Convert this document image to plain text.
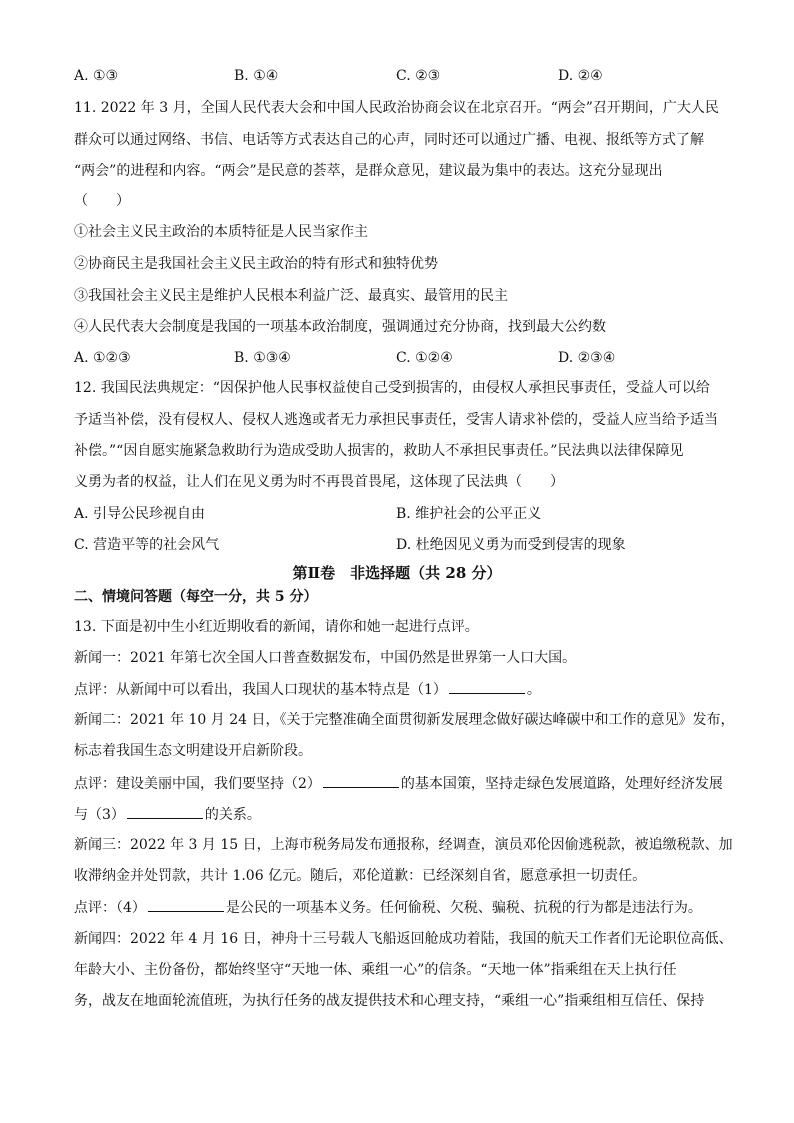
A. ①③	B. ①④	C. ②③	D. ②④
11. 2022 年 3 月，全国人民代表大会和中国人民政治协商会议在北京召开。“两会”召开期间，广大人民
群众可以通过网络、书信、电话等方式表达自己的心声，同时还可以通过广播、电视、报纸等方式了解
“两会”的进程和内容。“两会”是民意的荟萃，是群众意见，建议最为集中的表达。这充分显现出
（　　）
①社会主义民主政治的本质特征是人民当家作主
②协商民主是我国社会主义民主政治的特有形式和独特优势
③我国社会主义民主是维护人民根本利益广泛、最真实、最管用的民主
④人民代表大会制度是我国的一项基本政治制度，强调通过充分协商，找到最大公约数
A. ①②③	B. ①③④	C. ①②④	D. ②③④
12. 我国民法典规定：“因保护他人民事权益使自己受到损害的，由侵权人承担民事责任，受益人可以给
予适当补偿，没有侵权人、侵权人逃逸或者无力承担民事责任，受害人请求补偿的，受益人应当给予适当
补偿。”“因自愿实施紧急救助行为造成受助人损害的，救助人不承担民事责任。”民法典以法律保障见
义勇为者的权益，让人们在见义勇为时不再畏首畏尾，这体现了民法典（　　）
A. 引导公民珍视自由	B. 维护社会的公平正义
C. 营造平等的社会风气	D. 杜绝因见义勇为而受到侵害的现象
第Ⅱ卷　非选择题（共 28 分）
二、情境问答题（每空一分，共 5 分）
13. 下面是初中生小红近期收看的新闻，请你和她一起进行点评。
新闻一：2021 年第七次全国人口普查数据发布，中国仍然是世界第一人口大国。
点评：从新闻中可以看出，我国人口现状的基本特点是（1）	。
新闻二：2021 年 10 月 24 日，《关于完整准确全面贯彻新发展理念做好碳达峰碳中和工作的意见》发布，
标志着我国生态文明建设开启新阶段。
点评：建设美丽中国，我们要坚持（2）	的基本国策，坚持走绿色发展道路，处理好经济发展
与（3）	的关系。
新闻三：2022 年 3 月 15 日，上海市税务局发布通报称，经调查，演员邓伦因偷逃税款，被追缴税款、加
收滞纳金并处罚款，共计 1.06 亿元。随后，邓伦道歉：已经深刻自省，愿意承担一切责任。
点评：（4）	是公民的一项基本义务。任何偷税、欠税、骗税、抗税的行为都是违法行为。
新闻四：2022 年 4 月 16 日，神舟十三号载人飞船返回舱成功着陆，我国的航天工作者们无论职位高低、
年龄大小、主份备份，都始终坚守“天地一体、乘组一心”的信条。“天地一体”指乘组在天上执行任
务，战友在地面轮流值班，为执行任务的战友提供技术和心理支持，“乘组一心”指乘组相互信任、保持
